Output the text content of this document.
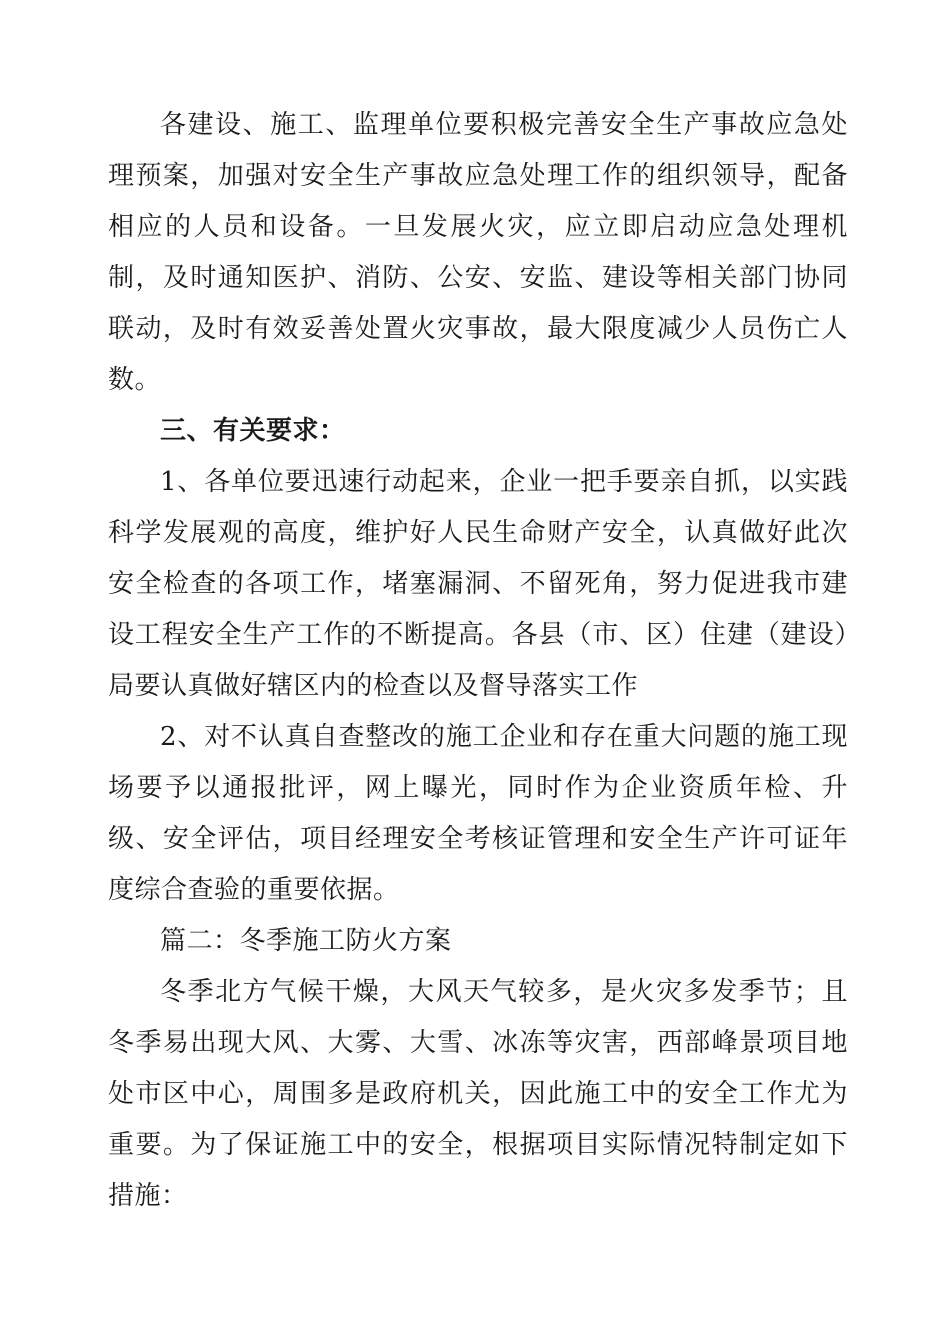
各建设、施工、监理单位要积极完善安全生产事故应急处理预案，加强对安全生产事故应急处理工作的组织领导，配备相应的人员和设备。一旦发展火灾，应立即启动应急处理机制，及时通知医护、消防、公安、安监、建设等相关部门协同联动，及时有效妥善处置火灾事故，最大限度减少人员伤亡人数。

三、有关要求：

1、各单位要迅速行动起来，企业一把手要亲自抓，以实践科学发展观的高度，维护好人民生命财产安全，认真做好此次安全检查的各项工作，堵塞漏洞、不留死角，努力促进我市建设工程安全生产工作的不断提高。各县（市、区）住建（建设）局要认真做好辖区内的检查以及督导落实工作

2、对不认真自查整改的施工企业和存在重大问题的施工现场要予以通报批评，网上曝光，同时作为企业资质年检、升级、安全评估，项目经理安全考核证管理和安全生产许可证年度综合查验的重要依据。

篇二：冬季施工防火方案

冬季北方气候干燥，大风天气较多，是火灾多发季节；且冬季易出现大风、大雾、大雪、冰冻等灾害，西部峰景项目地处市区中心，周围多是政府机关，因此施工中的安全工作尤为重要。为了保证施工中的安全，根据项目实际情况特制定如下措施：
